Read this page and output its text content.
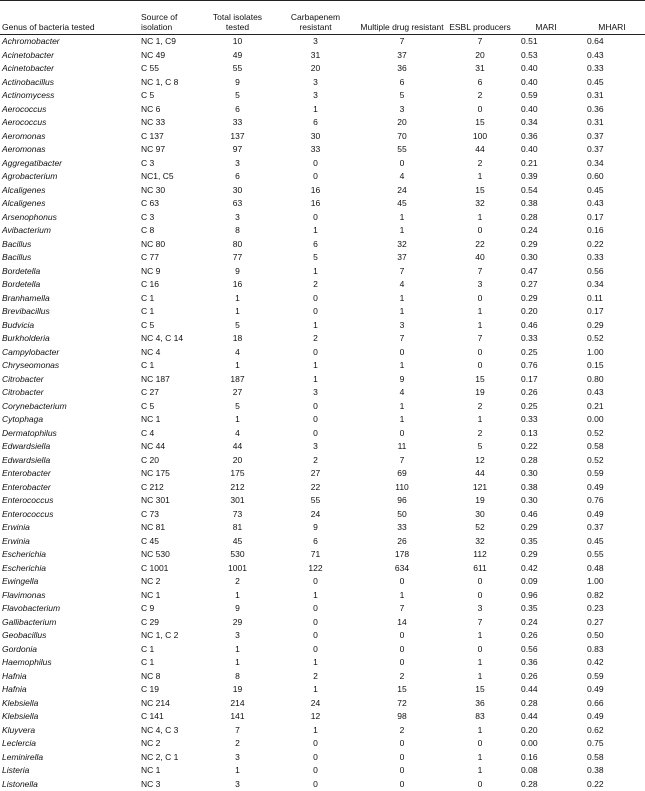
Genus of bacteria tested	Source of isolation	Total isolates tested	Carbapenem resistant	Multiple drug resistant	ESBL producers	MARI	MHARI
Achromobacter	NC 1, C9	10	3	7	7	0.51	0.64
Acinetobacter	NC 49	49	31	37	20	0.53	0.43
Acinetobacter	C 55	55	20	36	31	0.40	0.33
Actinobacillus	NC 1, C 8	9	3	6	6	0.40	0.45
Actinomycess	C 5	5	3	5	2	0.59	0.31
Aerococcus	NC 6	6	1	3	0	0.40	0.36
Aerococcus	NC 33	33	6	20	15	0.34	0.31
Aeromonas	C 137	137	30	70	100	0.36	0.37
Aeromonas	NC 97	97	33	55	44	0.40	0.37
Aggregatibacter	C 3	3	0	0	2	0.21	0.34
Agrobacterium	NC1, C5	6	0	4	1	0.39	0.60
Alcaligenes	NC 30	30	16	24	15	0.54	0.45
Alcaligenes	C 63	63	16	45	32	0.38	0.43
Arsenophonus	C 3	3	0	1	1	0.28	0.17
Avibacterium	C 8	8	1	1	0	0.24	0.16
Bacillus	NC 80	80	6	32	22	0.29	0.22
Bacillus	C 77	77	5	37	40	0.30	0.33
Bordetella	NC 9	9	1	7	7	0.47	0.56
Bordetella	C 16	16	2	4	3	0.27	0.34
Branhamella	C 1	1	0	1	0	0.29	0.11
Brevibacillus	C 1	1	0	1	1	0.20	0.17
Budvicia	C 5	5	1	3	1	0.46	0.29
Burkholderia	NC 4, C 14	18	2	7	7	0.33	0.52
Campylobacter	NC 4	4	0	0	0	0.25	1.00
Chryseomonas	C 1	1	1	1	0	0.76	0.15
Citrobacter	NC 187	187	1	9	15	0.17	0.80
Citrobacter	C 27	27	3	4	19	0.26	0.43
Corynebacterium	C 5	5	0	1	2	0.25	0.21
Cytophaga	NC 1	1	0	1	1	0.33	0.00
Dermatophilus	C 4	4	0	0	2	0.13	0.52
Edwardsiella	NC 44	44	3	11	5	0.22	0.58
Edwardsiella	C 20	20	2	7	12	0.28	0.52
Enterobacter	NC 175	175	27	69	44	0.30	0.59
Enterobacter	C 212	212	22	110	121	0.38	0.49
Enterococcus	NC 301	301	55	96	19	0.30	0.76
Enterococcus	C 73	73	24	50	30	0.46	0.49
Erwinia	NC 81	81	9	33	52	0.29	0.37
Erwinia	C 45	45	6	26	32	0.35	0.45
Escherichia	NC 530	530	71	178	112	0.29	0.55
Escherichia	C 1001	1001	122	634	611	0.42	0.48
Ewingella	NC 2	2	0	0	0	0.09	1.00
Flavimonas	NC 1	1	1	1	0	0.96	0.82
Flavobacterium	C 9	9	0	7	3	0.35	0.23
Gallibacterium	C 29	29	0	14	7	0.24	0.27
Geobacillus	NC 1, C 2	3	0	0	1	0.26	0.50
Gordonia	C 1	1	0	0	0	0.56	0.83
Haemophilus	C 1	1	1	0	1	0.36	0.42
Hafnia	NC 8	8	2	2	1	0.26	0.59
Hafnia	C 19	19	1	15	15	0.44	0.49
Klebsiella	NC 214	214	24	72	36	0.28	0.66
Klebsiella	C 141	141	12	98	83	0.44	0.49
Kluyvera	NC 4, C 3	7	1	2	1	0.20	0.62
Leclercia	NC 2	2	0	0	0	0.00	0.75
Leminirella	NC 2, C 1	3	0	0	1	0.16	0.58
Listeria	NC 1	1	0	0	1	0.08	0.38
Listonella	NC 3	3	0	0	0	0.28	0.22
